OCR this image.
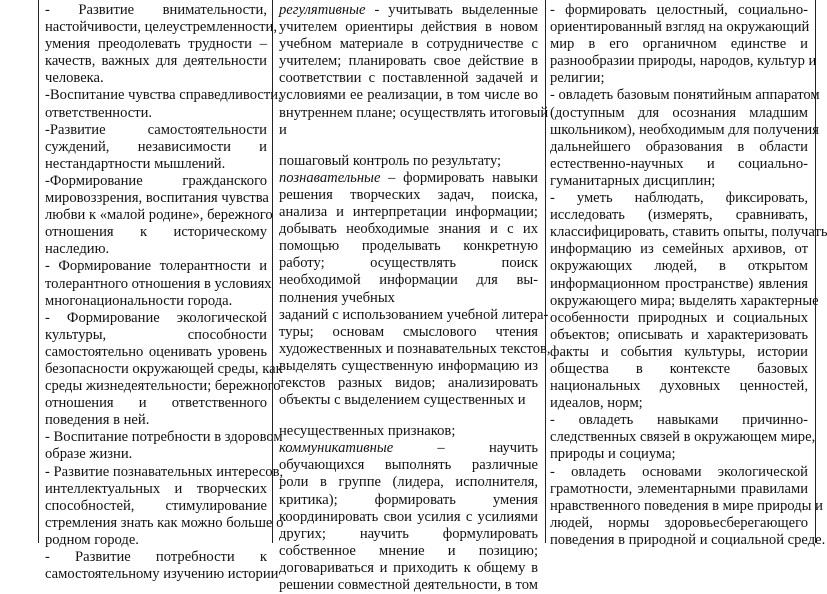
- Развитие внимательности,
настойчивости, целеустремленности,
умения преодолевать трудности –
качеств, важных для деятельности
человека.
-Воспитание чувства справедливости,
ответственности.
-Развитие самостоятельности
суждений, независимости и
нестандартности мышлений.
-Формирование гражданского
мировоззрения, воспитания чувства
любви к «малой родине», бережного
отношения к историческому
наследию.
- Формирование толерантности и
толерантного отношения в условиях
многонациональности города.
- Формирование экологической
культуры, способности
самостоятельно оценивать уровень
безопасности окружающей среды, как
среды жизнедеятельности; бережного
отношения и ответственного
поведения в ней.
- Воспитание потребности в здоровом
образе жизни.
- Развитие познавательных интересов,
интеллектуальных и творческих
способностей, стимулирование
стремления знать как можно больше о
родном городе.
- Развитие потребности к
самостоятельному изучению истории
регулятивные - учитывать выделенные
учителем ориентиры действия в новом
учебном материале в сотрудничестве с
учителем; планировать свое действие в
соответствии с поставленной задачей и
условиями ее реализации, в том числе во
внутреннем плане; осуществлять итоговый
и
пошаговый контроль по результату;
познавательные – формировать навыки
решения творческих задач, поиска,
анализа и интерпретации информации;
добывать необходимые знания и с их
помощью проделывать конкретную
работу; осуществлять поиск
необходимой информации для вы-
полнения учебных
заданий с использованием учебной литера-
туры; основам смыслового чтения
художественных и познавательных текстов,
выделять существенную информацию из
текстов разных видов; анализировать
объекты с выделением существенных и
несущественных признаков;
коммуникативные – научить
обучающихся выполнять различные
роли в группе (лидера, исполнителя,
критика); формировать умения
координировать свои усилия с усилиями
других; научить формулировать
собственное мнение и позицию;
договариваться и приходить к общему в
решении совместной деятельности, в том
- формировать целостный, социально-
ориентированный взгляд на окружающий
мир в его органичном единстве и
разнообразии природы, народов, культур и
религии;
- овладеть базовым понятийным аппаратом
(доступным для осознания младшим
школьником), необходимым для получения
дальнейшего образования в области
естественно-научных и социально-
гуманитарных дисциплин;
- уметь наблюдать, фиксировать,
исследовать (измерять, сравнивать,
классифицировать, ставить опыты, получать
информацию из семейных архивов, от
окружающих людей, в открытом
информационном пространстве) явления
окружающего мира; выделять характерные
особенности природных и социальных
объектов; описывать и характеризовать
факты и события культуры, истории
общества в контексте базовых
национальных духовных ценностей,
идеалов, норм;
- овладеть навыками причинно-
следственных связей в окружающем мире,
природы и социума;
- овладеть основами экологической
грамотности, элементарными правилами
нравственного поведения в мире природы и
людей, нормы здоровьесберегающего
поведения в природной и социальной среде.
